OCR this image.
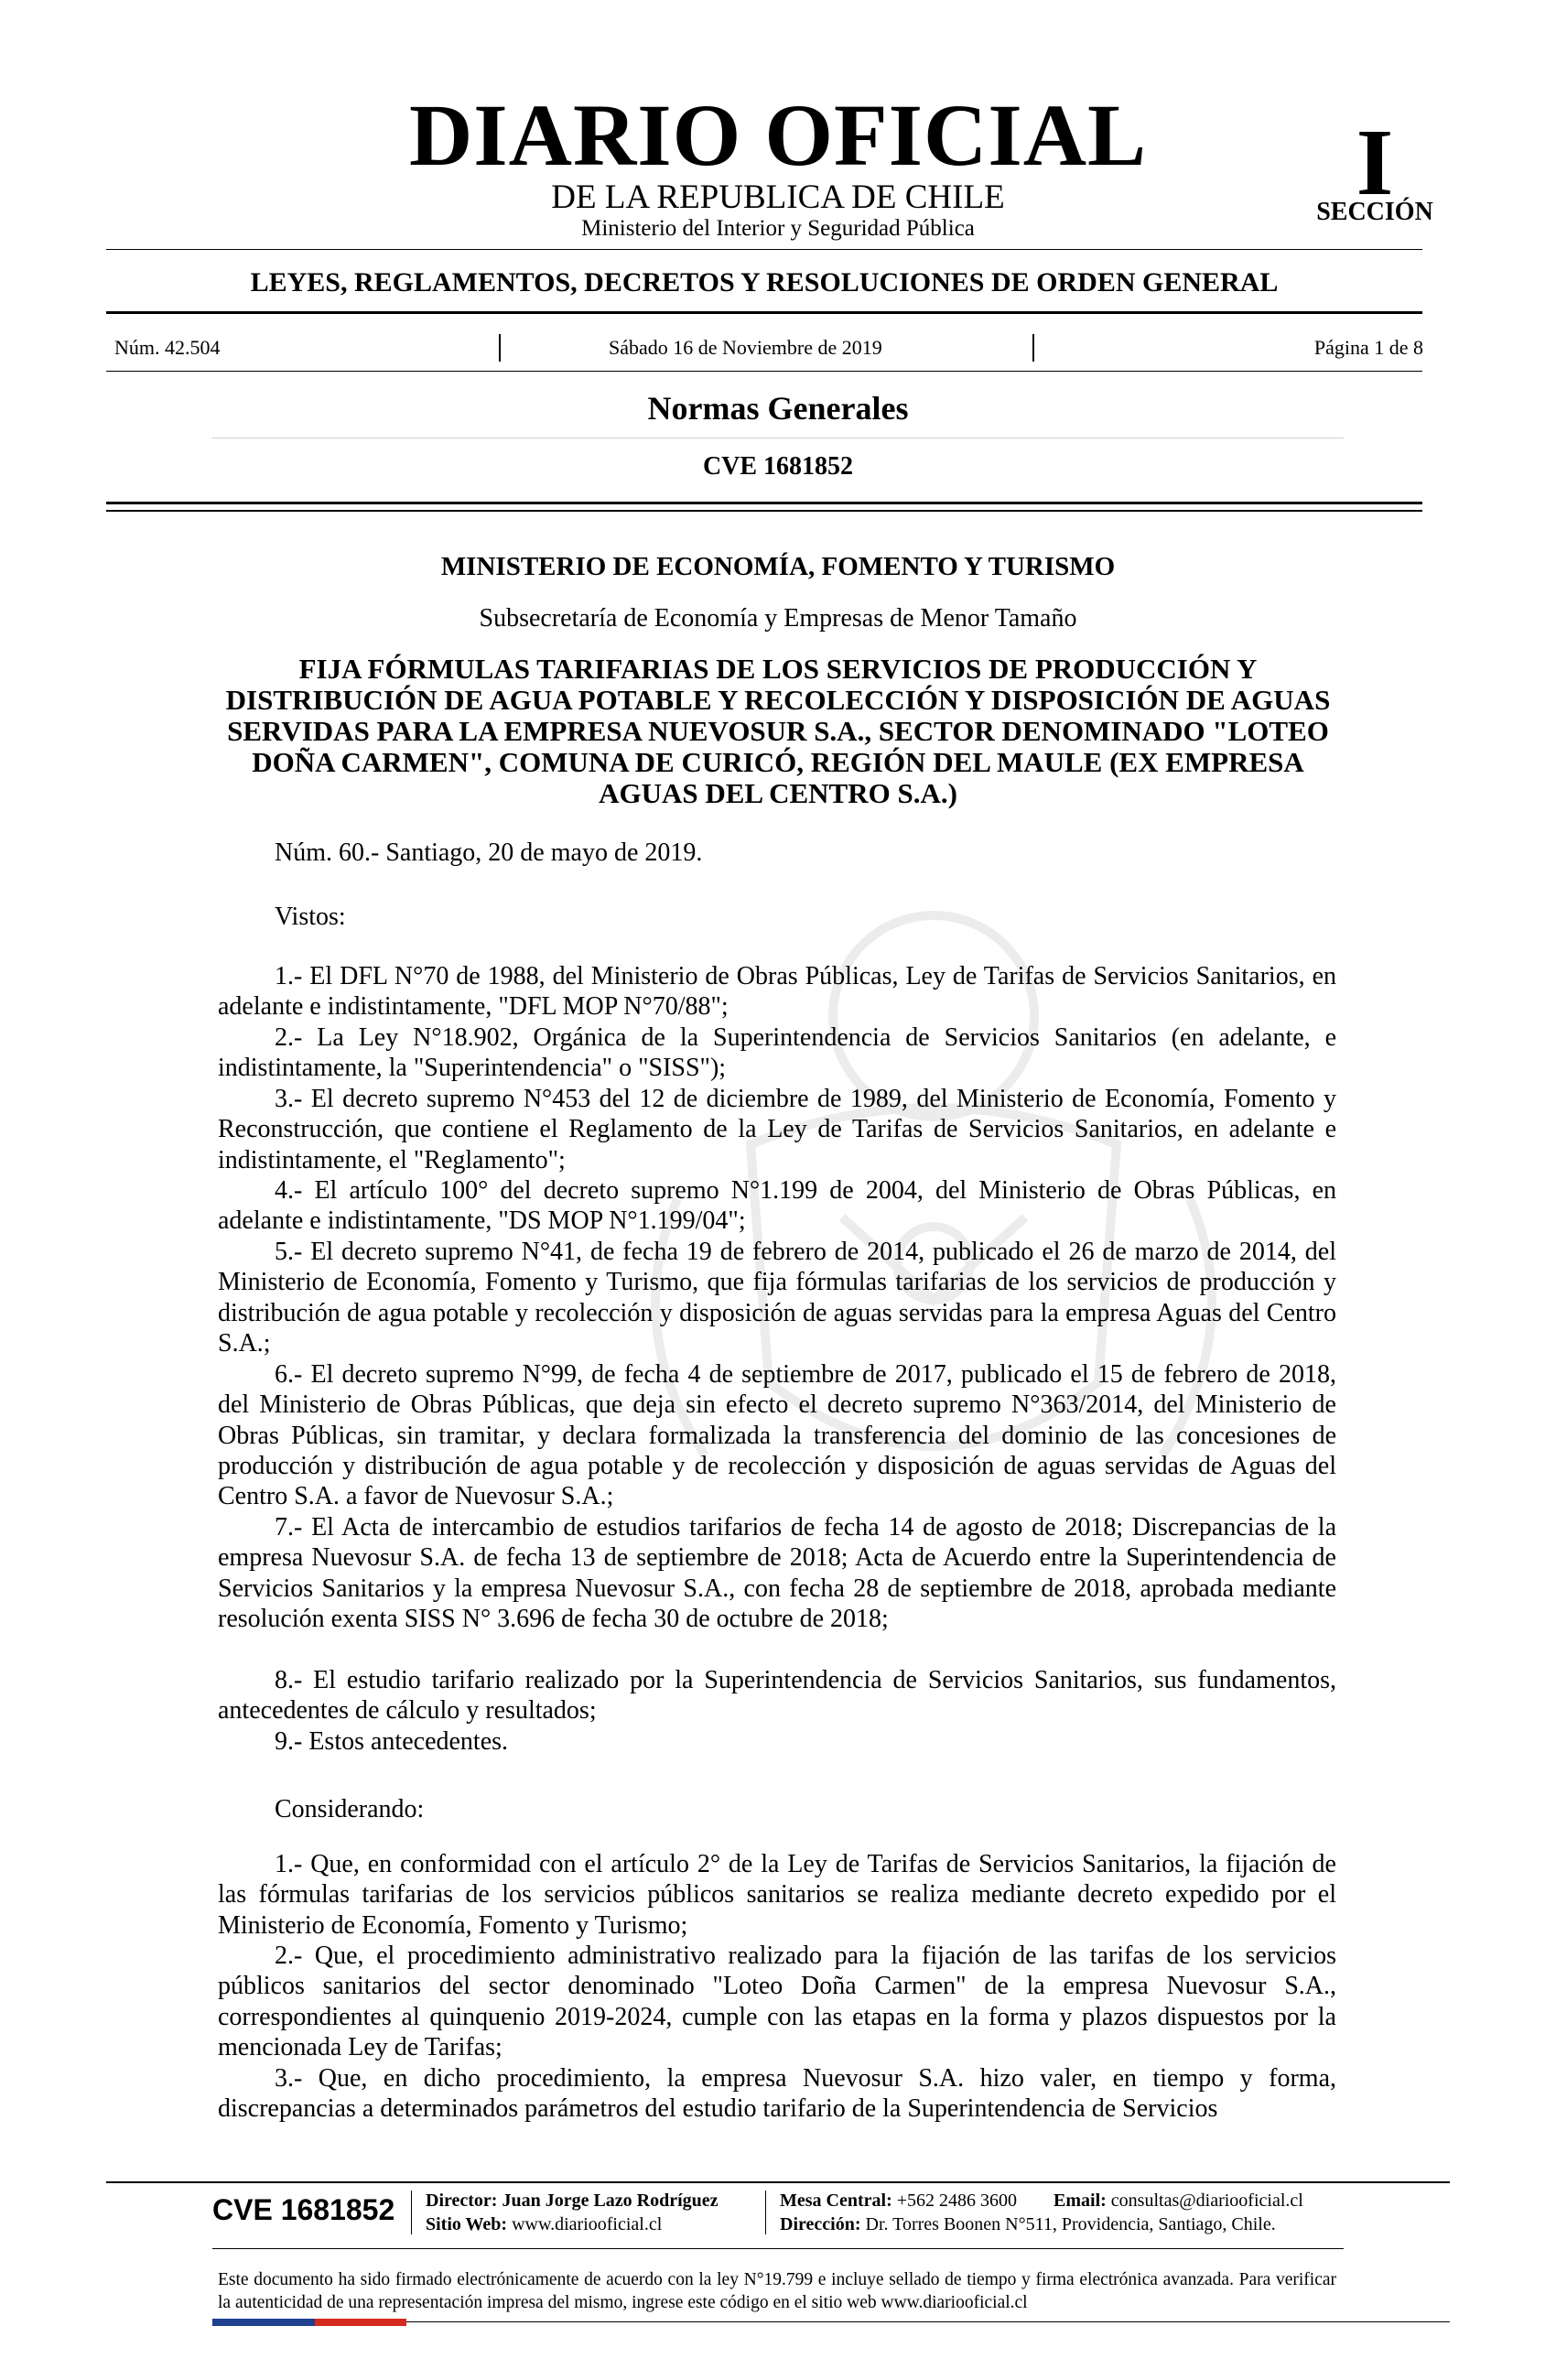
DIARIO OFICIAL
DE LA REPUBLICA DE CHILE
Ministerio del Interior y Seguridad Pública
I
SECCIÓN
LEYES, REGLAMENTOS, DECRETOS Y RESOLUCIONES DE ORDEN GENERAL
Núm. 42.504	Sábado 16 de Noviembre de 2019	Página 1 de 8
Normas Generales
CVE 1681852
MINISTERIO DE ECONOMÍA, FOMENTO Y TURISMO
Subsecretaría de Economía y Empresas de Menor Tamaño
FIJA FÓRMULAS TARIFARIAS DE LOS SERVICIOS DE PRODUCCIÓN Y DISTRIBUCIÓN DE AGUA POTABLE Y RECOLECCIÓN Y DISPOSICIÓN DE AGUAS SERVIDAS PARA LA EMPRESA NUEVOSUR S.A., SECTOR DENOMINADO "LOTEO DOÑA CARMEN", COMUNA DE CURICÓ, REGIÓN DEL MAULE (EX EMPRESA AGUAS DEL CENTRO S.A.)
Núm. 60.- Santiago, 20 de mayo de 2019.
Vistos:
1.- El DFL N°70 de 1988, del Ministerio de Obras Públicas, Ley de Tarifas de Servicios Sanitarios, en adelante e indistintamente, "DFL MOP N°70/88";
2.- La Ley N°18.902, Orgánica de la Superintendencia de Servicios Sanitarios (en adelante, e indistintamente, la "Superintendencia" o "SISS");
3.- El decreto supremo N°453 del 12 de diciembre de 1989, del Ministerio de Economía, Fomento y Reconstrucción, que contiene el Reglamento de la Ley de Tarifas de Servicios Sanitarios, en adelante e indistintamente, el "Reglamento";
4.- El artículo 100° del decreto supremo N°1.199 de 2004, del Ministerio de Obras Públicas, en adelante e indistintamente, "DS MOP N°1.199/04";
5.- El decreto supremo N°41, de fecha 19 de febrero de 2014, publicado el 26 de marzo de 2014, del Ministerio de Economía, Fomento y Turismo, que fija fórmulas tarifarias de los servicios de producción y distribución de agua potable y recolección y disposición de aguas servidas para la empresa Aguas del Centro S.A.;
6.- El decreto supremo N°99, de fecha 4 de septiembre de 2017, publicado el 15 de febrero de 2018, del Ministerio de Obras Públicas, que deja sin efecto el decreto supremo N°363/2014, del Ministerio de Obras Públicas, sin tramitar, y declara formalizada la transferencia del dominio de las concesiones de producción y distribución de agua potable y de recolección y disposición de aguas servidas de Aguas del Centro S.A. a favor de Nuevosur S.A.;
7.- El Acta de intercambio de estudios tarifarios de fecha 14 de agosto de 2018; Discrepancias de la empresa Nuevosur S.A. de fecha 13 de septiembre de 2018; Acta de Acuerdo entre la Superintendencia de Servicios Sanitarios y la empresa Nuevosur S.A., con fecha 28 de septiembre de 2018, aprobada mediante resolución exenta SISS N° 3.696 de fecha 30 de octubre de 2018;
8.- El estudio tarifario realizado por la Superintendencia de Servicios Sanitarios, sus fundamentos, antecedentes de cálculo y resultados;
9.- Estos antecedentes.
Considerando:
1.- Que, en conformidad con el artículo 2° de la Ley de Tarifas de Servicios Sanitarios, la fijación de las fórmulas tarifarias de los servicios públicos sanitarios se realiza mediante decreto expedido por el Ministerio de Economía, Fomento y Turismo;
2.- Que, el procedimiento administrativo realizado para la fijación de las tarifas de los servicios públicos sanitarios del sector denominado "Loteo Doña Carmen" de la empresa Nuevosur S.A., correspondientes al quinquenio 2019-2024, cumple con las etapas en la forma y plazos dispuestos por la mencionada Ley de Tarifas;
3.- Que, en dicho procedimiento, la empresa Nuevosur S.A. hizo valer, en tiempo y forma, discrepancias a determinados parámetros del estudio tarifario de la Superintendencia de Servicios
CVE 1681852 Director: Juan Jorge Lazo Rodríguez
Sitio Web: www.diariooficial.cl
Mesa Central: +562 2486 3600 Email: consultas@diariooficial.cl
Dirección: Dr. Torres Boonen N°511, Providencia, Santiago, Chile.
Este documento ha sido firmado electrónicamente de acuerdo con la ley N°19.799 e incluye sellado de tiempo y firma electrónica avanzada. Para verificar la autenticidad de una representación impresa del mismo, ingrese este código en el sitio web www.diariooficial.cl
